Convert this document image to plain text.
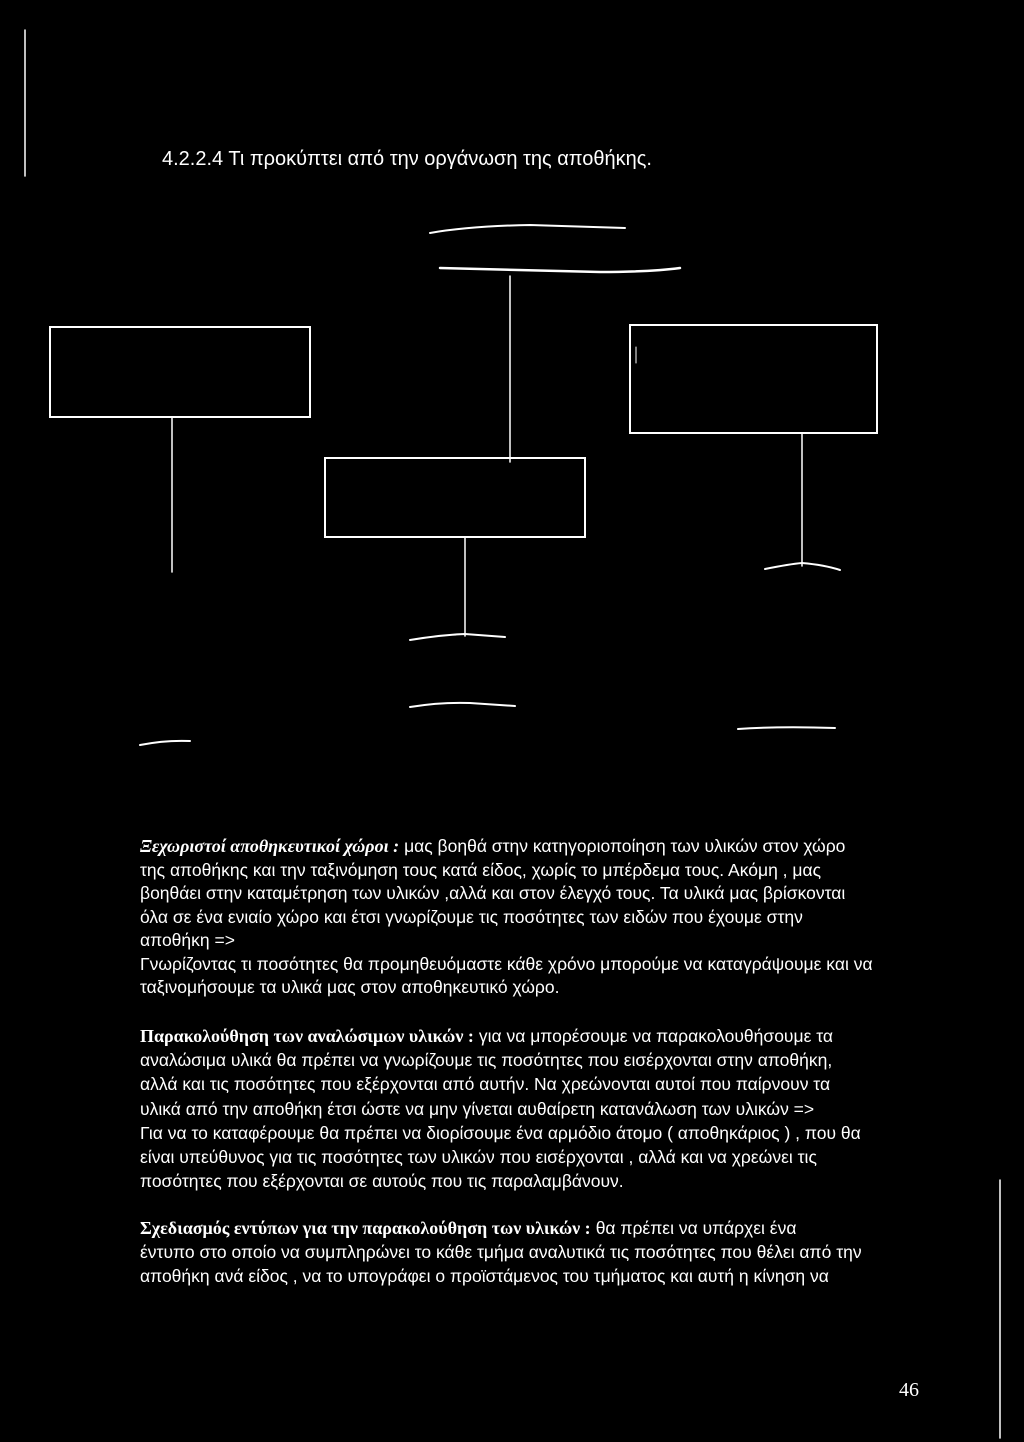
4.2.2.4 Τι προκύπτει από την οργάνωση της αποθήκης.
Ξεχωριστοί αποθηκευτικοί χώροι : μας βοηθά στην κατηγοριοποίηση των υλικών στον χώρο
της αποθήκης και την ταξινόμηση τους κατά είδος, χωρίς το μπέρδεμα τους. Ακόμη , μας
βοηθάει στην καταμέτρηση των υλικών ,αλλά και στον έλεγχό τους. Τα υλικά μας βρίσκονται
όλα σε ένα ενιαίο χώρο και έτσι γνωρίζουμε τις ποσότητες των ειδών που έχουμε στην
αποθήκη =>
Γνωρίζοντας τι ποσότητες θα προμηθευόμαστε κάθε χρόνο μπορούμε να καταγράψουμε και να
ταξινομήσουμε τα υλικά μας στον αποθηκευτικό χώρο.
Παρακολούθηση των αναλώσιμων υλικών : για να μπορέσουμε να παρακολουθήσουμε τα
αναλώσιμα υλικά θα πρέπει να γνωρίζουμε τις ποσότητες που εισέρχονται στην αποθήκη,
αλλά και τις ποσότητες που εξέρχονται από αυτήν. Να χρεώνονται αυτοί που παίρνουν τα
υλικά από την αποθήκη έτσι ώστε να μην γίνεται αυθαίρετη κατανάλωση των υλικών =>
Για να το καταφέρουμε θα πρέπει να διορίσουμε ένα αρμόδιο άτομο ( αποθηκάριος ) , που θα
είναι υπεύθυνος για τις ποσότητες των υλικών που εισέρχονται , αλλά και να χρεώνει τις
ποσότητες που εξέρχονται σε αυτούς που τις παραλαμβάνουν.
Σχεδιασμός εντύπων για την παρακολούθηση των υλικών : θα πρέπει να υπάρχει ένα
έντυπο στο οποίο να συμπληρώνει το κάθε τμήμα αναλυτικά τις ποσότητες που θέλει από την
αποθήκη ανά είδος , να το υπογράφει ο προϊστάμενος του τμήματος και αυτή η κίνηση να
46
